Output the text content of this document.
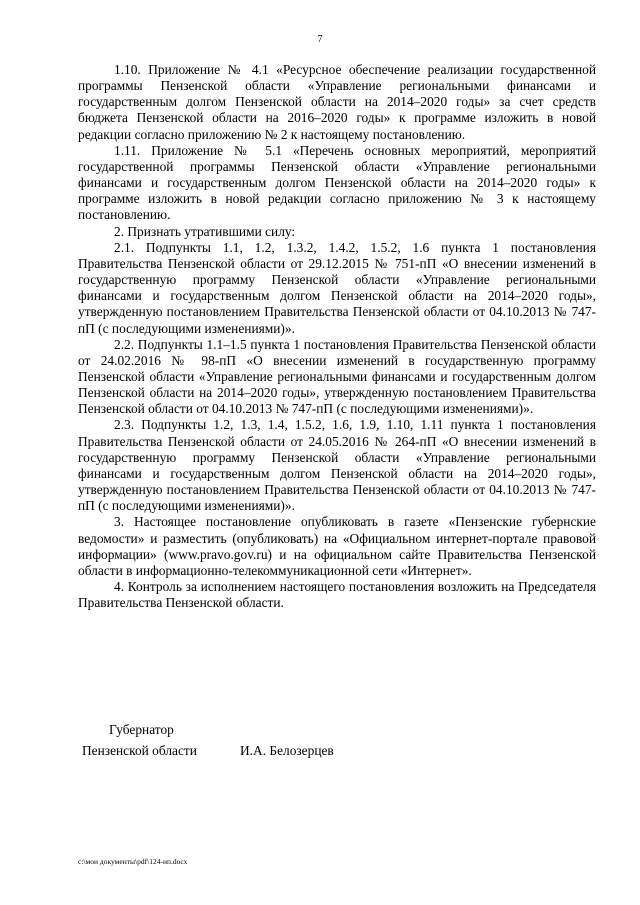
7

1.10. Приложение № 4.1 «Ресурсное обеспечение реализации государственной программы Пензенской области «Управление региональными финансами и государственным долгом Пензенской области на 2014–2020 годы» за счет средств бюджета Пензенской области на 2016–2020 годы» к программе изложить в новой редакции согласно приложению № 2 к настоящему постановлению.

1.11. Приложение № 5.1 «Перечень основных мероприятий, мероприятий государственной программы Пензенской области «Управление региональными финансами и государственным долгом Пензенской области на 2014–2020 годы» к программе изложить в новой редакции согласно приложению № 3 к настоящему постановлению.

2. Признать утратившими силу:

2.1. Подпункты 1.1, 1.2, 1.3.2, 1.4.2, 1.5.2, 1.6 пункта 1 постановления Правительства Пензенской области от 29.12.2015 № 751-пП «О внесении изменений в государственную программу Пензенской области «Управление региональными финансами и государственным долгом Пензенской области на 2014–2020 годы», утвержденную постановлением Правительства Пензенской области от 04.10.2013 № 747-пП (с последующими изменениями)».

2.2. Подпункты 1.1–1.5 пункта 1 постановления Правительства Пензенской области от 24.02.2016 № 98-пП «О внесении изменений в государственную программу Пензенской области «Управление региональными финансами и государственным долгом Пензенской области на 2014–2020 годы», утвержденную постановлением Правительства Пензенской области от 04.10.2013 № 747-пП (с последующими изменениями)».

2.3. Подпункты 1.2, 1.3, 1.4, 1.5.2, 1.6, 1.9, 1.10, 1.11 пункта 1 постановления Правительства Пензенской области от 24.05.2016 № 264-пП «О внесении изменений в государственную программу Пензенской области «Управление региональными финансами и государственным долгом Пензенской области на 2014–2020 годы», утвержденную постановлением Правительства Пензенской области от 04.10.2013 № 747-пП (с последующими изменениями)».

3. Настоящее постановление опубликовать в газете «Пензенские губернские ведомости» и разместить (опубликовать) на «Официальном интернет-портале правовой информации» (www.pravo.gov.ru) и на официальном сайте Правительства Пензенской области в информационно-телекоммуникационной сети «Интернет».

4. Контроль за исполнением настоящего постановления возложить на Председателя Правительства Пензенской области.

Губернатор
Пензенской области	И.А. Белозерцев
c:\мои документы\pdf\124-ип.docx
